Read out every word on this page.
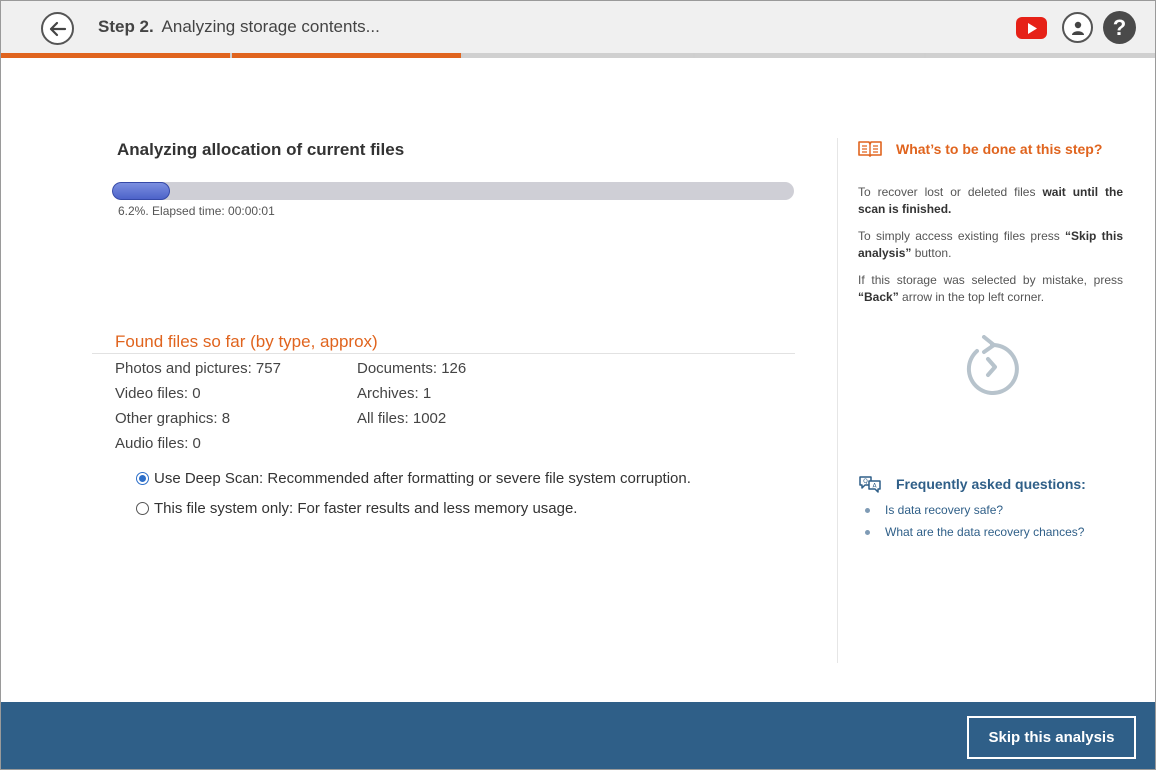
Step 2. Analyzing storage contents...	?
Analyzing allocation of current files
6.2%. Elapsed time: 00:00:01
Found files so far (by type, approx)
Photos and pictures: 757
Video files: 0
Other graphics: 8
Audio files: 0
Documents: 126
Archives: 1
All files: 1002
Use Deep Scan: Recommended after formatting or severe file system corruption.
This file system only: For faster results and less memory usage.
What’s to be done at this step?
To recover lost or deleted files wait until the scan is finished.
To simply access existing files press “Skip this analysis” button.
If this storage was selected by mistake, press “Back” arrow in the top left corner.
A
Q Frequently asked questions:
Is data recovery safe?
What are the data recovery chances?
Skip this analysis
